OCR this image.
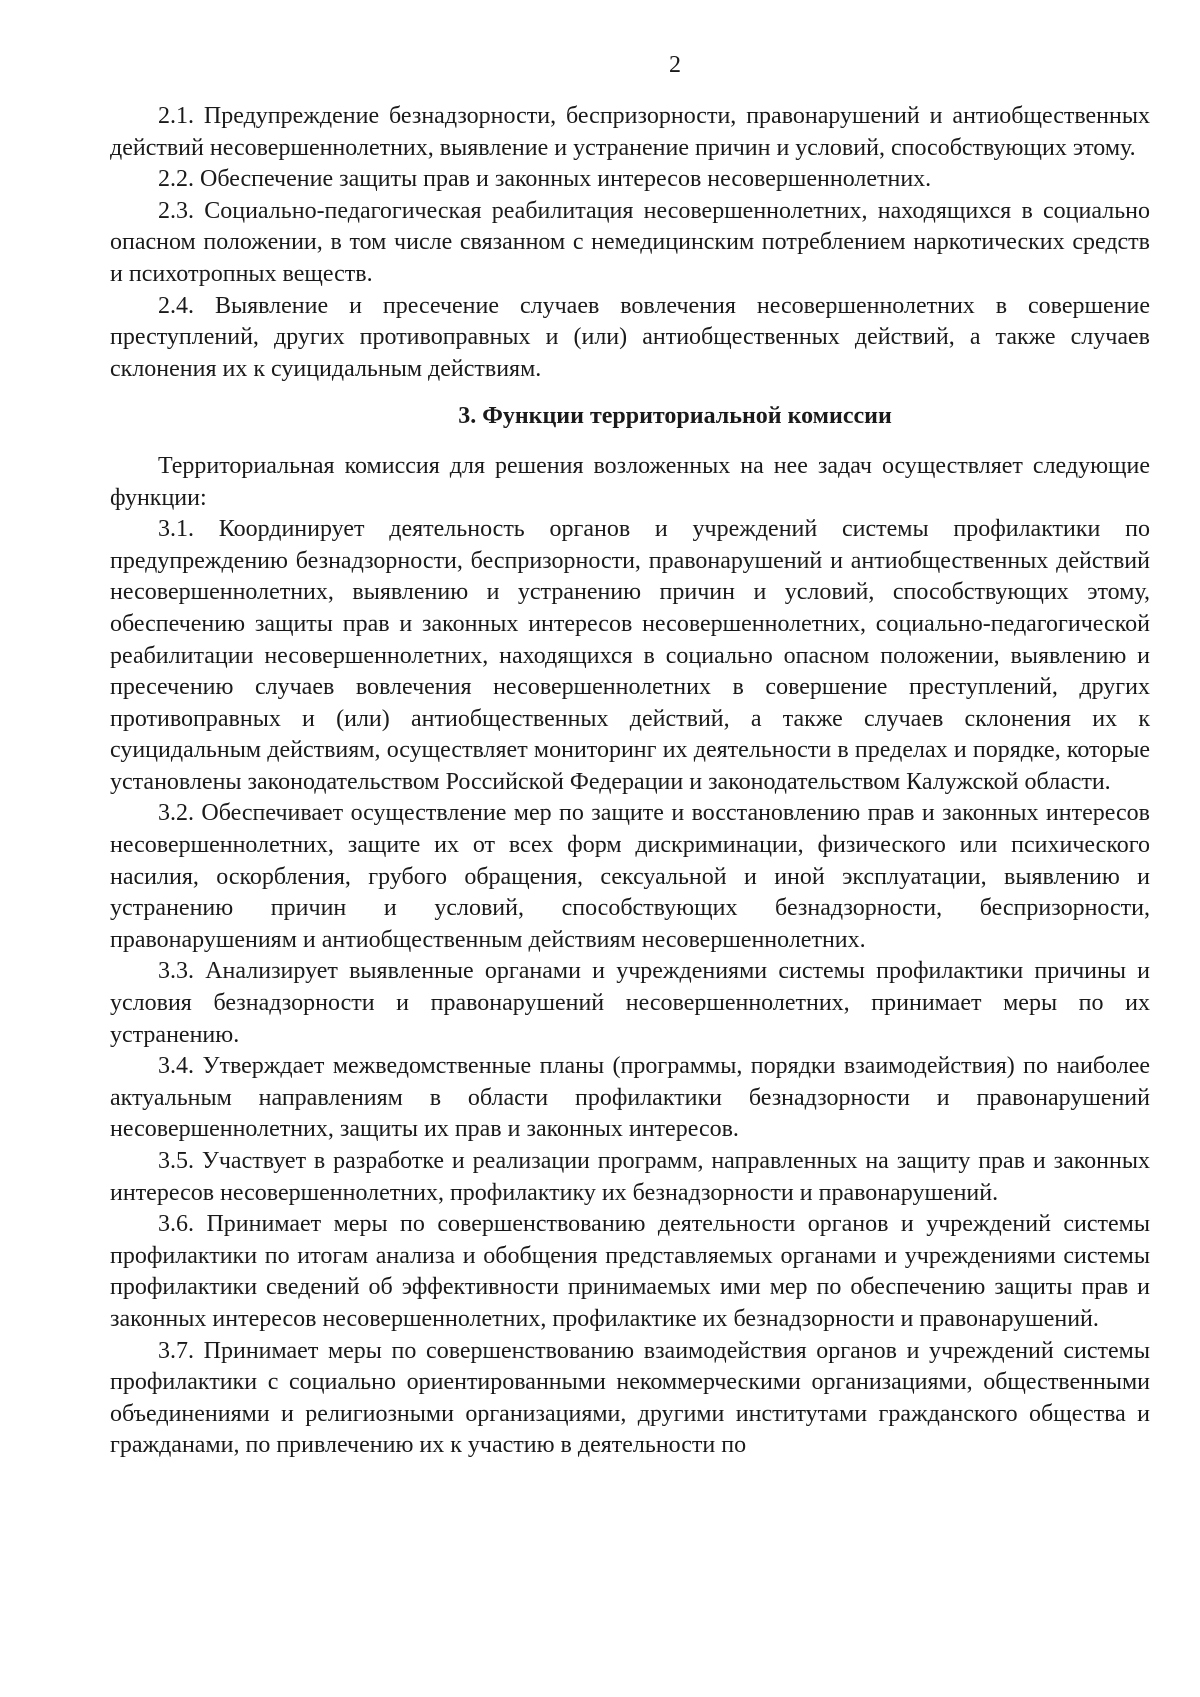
2

2.1. Предупреждение безнадзорности, беспризорности, правонарушений и антиобщественных действий несовершеннолетних, выявление и устранение причин и условий, способствующих этому.

2.2. Обеспечение защиты прав и законных интересов несовершеннолетних.

2.3. Социально-педагогическая реабилитация несовершеннолетних, находящихся в социально опасном положении, в том числе связанном с немедицинским потреблением наркотических средств и психотропных веществ.

2.4. Выявление и пресечение случаев вовлечения несовершеннолетних в совершение преступлений, других противоправных и (или) антиобщественных действий, а также случаев склонения их к суицидальным действиям.

3. Функции территориальной комиссии

Территориальная комиссия для решения возложенных на нее задач осуществляет следующие функции:

3.1. Координирует деятельность органов и учреждений системы профилактики по предупреждению безнадзорности, беспризорности, правонарушений и антиобщественных действий несовершеннолетних, выявлению и устранению причин и условий, способствующих этому, обеспечению защиты прав и законных интересов несовершеннолетних, социально-педагогической реабилитации несовершеннолетних, находящихся в социально опасном положении, выявлению и пресечению случаев вовлечения несовершеннолетних в совершение преступлений, других противоправных и (или) антиобщественных действий, а также случаев склонения их к суицидальным действиям, осуществляет мониторинг их деятельности в пределах и порядке, которые установлены законодательством Российской Федерации и законодательством Калужской области.

3.2. Обеспечивает осуществление мер по защите и восстановлению прав и законных интересов несовершеннолетних, защите их от всех форм дискриминации, физического или психического насилия, оскорбления, грубого обращения, сексуальной и иной эксплуатации, выявлению и устранению причин и условий, способствующих безнадзорности, беспризорности, правонарушениям и антиобщественным действиям несовершеннолетних.

3.3. Анализирует выявленные органами и учреждениями системы профилактики причины и условия безнадзорности и правонарушений несовершеннолетних, принимает меры по их устранению.

3.4. Утверждает межведомственные планы (программы, порядки взаимодействия) по наиболее актуальным направлениям в области профилактики безнадзорности и правонарушений несовершеннолетних, защиты их прав и законных интересов.

3.5. Участвует в разработке и реализации программ, направленных на защиту прав и законных интересов несовершеннолетних, профилактику их безнадзорности и правонарушений.

3.6. Принимает меры по совершенствованию деятельности органов и учреждений системы профилактики по итогам анализа и обобщения представляемых органами и учреждениями системы профилактики сведений об эффективности принимаемых ими мер по обеспечению защиты прав и законных интересов несовершеннолетних, профилактике их безнадзорности и правонарушений.

3.7. Принимает меры по совершенствованию взаимодействия органов и учреждений системы профилактики с социально ориентированными некоммерческими организациями, общественными объединениями и религиозными организациями, другими институтами гражданского общества и гражданами, по привлечению их к участию в деятельности по
